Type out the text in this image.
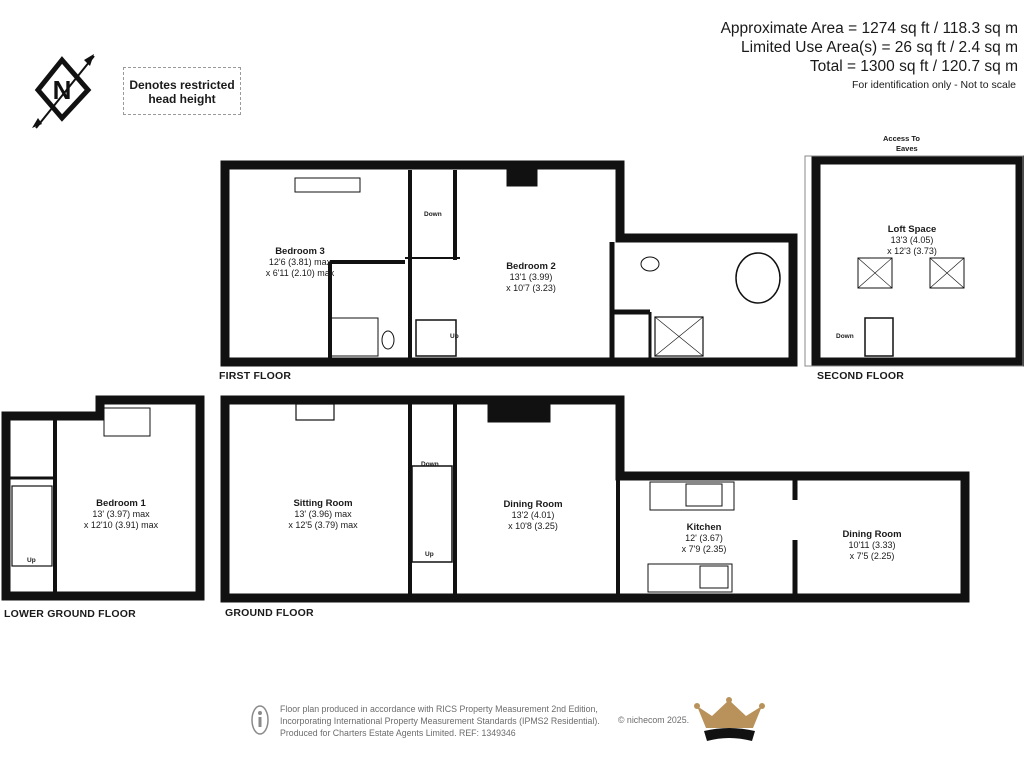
Approximate Area = 1274 sq ft / 118.3 sq m
Limited Use Area(s) = 26 sq ft / 2.4 sq m
Total = 1300 sq ft / 120.7 sq m
For identification only - Not to scale
Denotes restricted
head height
N
FIRST FLOOR	SECOND FLOOR
LOWER GROUND FLOOR	GROUND FLOOR
Bedroom 3
12'6 (3.81) max
x 6'11 (2.10) max
Bedroom 2
13'1 (3.99)
x 10'7 (3.23)
Loft Space
13'3 (4.05)
x 12'3 (3.73)
Bedroom 1
13' (3.97) max
x 12'10 (3.91) max
Sitting Room
13' (3.96) max
x 12'5 (3.79) max
Dining Room
13'2 (4.01)
x 10'8 (3.25)	Kitchen
12' (3.67)
x 7'9 (2.35)
Dining Room
10'11 (3.33)
x 7'5 (2.25)
Down
Up	Down
Down
Up
Up
Access To
Eaves
Floor plan produced in accordance with RICS Property Measurement 2nd Edition,
Incorporating International Property Measurement Standards (IPMS2 Residential).
Produced for Charters Estate Agents Limited. REF: 1349346
© nichecom 2025.
